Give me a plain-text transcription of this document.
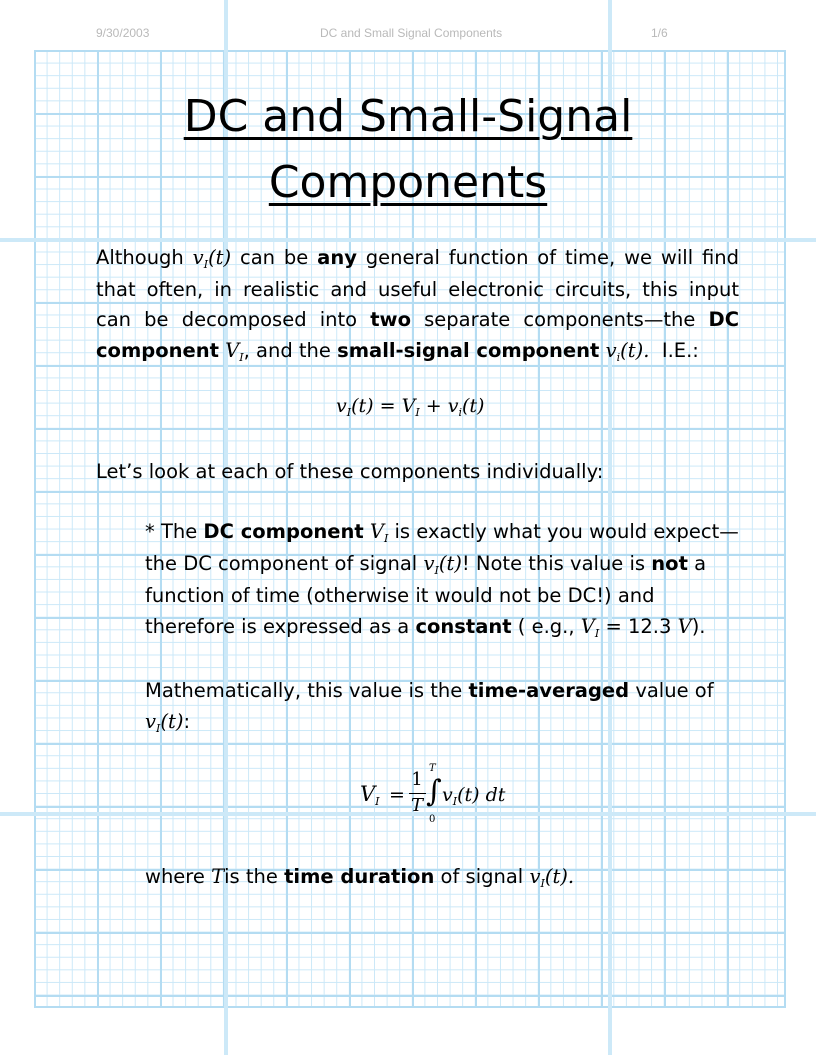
9/30/2003	DC and Small Signal Components	1/6
DC and Small-Signal
Components
Although $v_I(t)$ can be any general function of time, we will find
that often, in realistic and useful electronic circuits, this input
can be decomposed into two separate components—the DC
component $V_I$, and the small-signal component $v_i(t)$. I.E.:
$v_I(t) = V_I + v_i(t)$
Let’s look at each of these components individually:
* The DC component $V_I$ is exactly what you would expect—
the DC component of signal $v_I(t)$! Note this value is not a
function of time (otherwise it would not be DC!) and
therefore is expressed as a constant ( e.g., $V_I = 12.3$ V).
Mathematically, this value is the time-averaged value of
$v_I(t)$:
$V_I$ =
1
T ∫
T
0
$v_I(t)$ dt
where Tis the time duration of signal $v_I(t)$.
